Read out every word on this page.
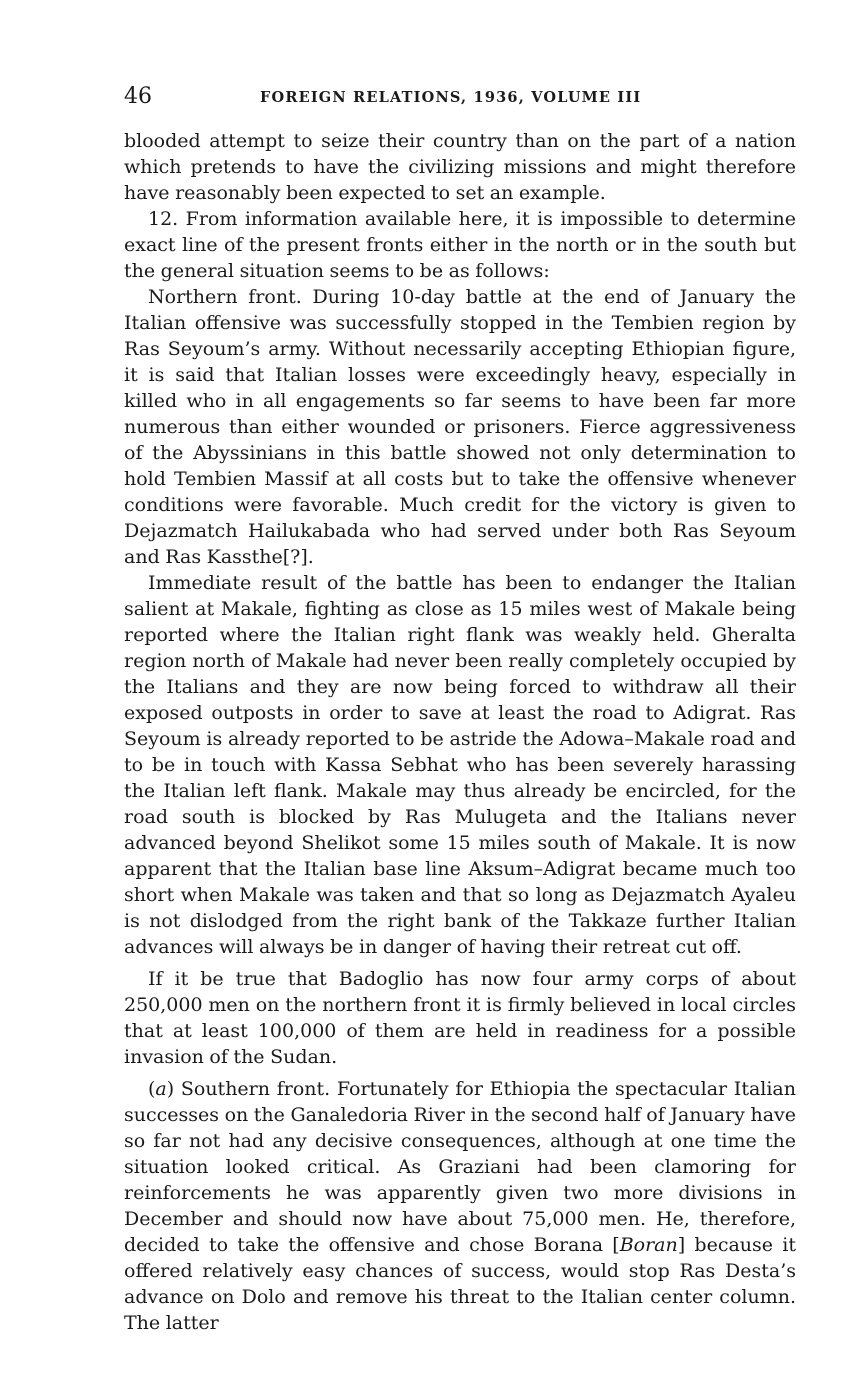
46	FOREIGN RELATIONS, 1936, VOLUME III

blooded attempt to seize their country than on the part of a nation which pretends to have the civilizing missions and might therefore have reasonably been expected to set an example.

12. From information available here, it is impossible to determine exact line of the present fronts either in the north or in the south but the general situation seems to be as follows:

Northern front. During 10-day battle at the end of January the Italian offensive was successfully stopped in the Tembien region by Ras Seyoum’s army. Without necessarily accepting Ethiopian figure, it is said that Italian losses were exceedingly heavy, especially in killed who in all engagements so far seems to have been far more numerous than either wounded or prisoners. Fierce aggressiveness of the Abyssinians in this battle showed not only determination to hold Tembien Massif at all costs but to take the offensive whenever conditions were favorable. Much credit for the victory is given to Dejazmatch Hailukabada who had served under both Ras Seyoum and Ras Kassthe[?].

Immediate result of the battle has been to endanger the Italian salient at Makale, fighting as close as 15 miles west of Makale being reported where the Italian right flank was weakly held. Gheralta region north of Makale had never been really completely occupied by the Italians and they are now being forced to withdraw all their exposed outposts in order to save at least the road to Adigrat. Ras Seyoum is already reported to be astride the Adowa–Makale road and to be in touch with Kassa Sebhat who has been severely harassing the Italian left flank. Makale may thus already be encircled, for the road south is blocked by Ras Mulugeta and the Italians never advanced beyond Shelikot some 15 miles south of Makale. It is now apparent that the Italian base line Aksum–Adigrat became much too short when Makale was taken and that so long as Dejazmatch Ayaleu is not dislodged from the right bank of the Takkaze further Italian advances will always be in danger of having their retreat cut off.

If it be true that Badoglio has now four army corps of about 250,000 men on the northern front it is firmly believed in local circles that at least 100,000 of them are held in readiness for a possible invasion of the Sudan.

(a) Southern front. Fortunately for Ethiopia the spectacular Italian successes on the Ganaledoria River in the second half of January have so far not had any decisive consequences, although at one time the situation looked critical. As Graziani had been clamoring for reinforcements he was apparently given two more divisions in December and should now have about 75,000 men. He, therefore, decided to take the offensive and chose Borana [Boran] because it offered relatively easy chances of success, would stop Ras Desta’s advance on Dolo and remove his threat to the Italian center column. The latter
